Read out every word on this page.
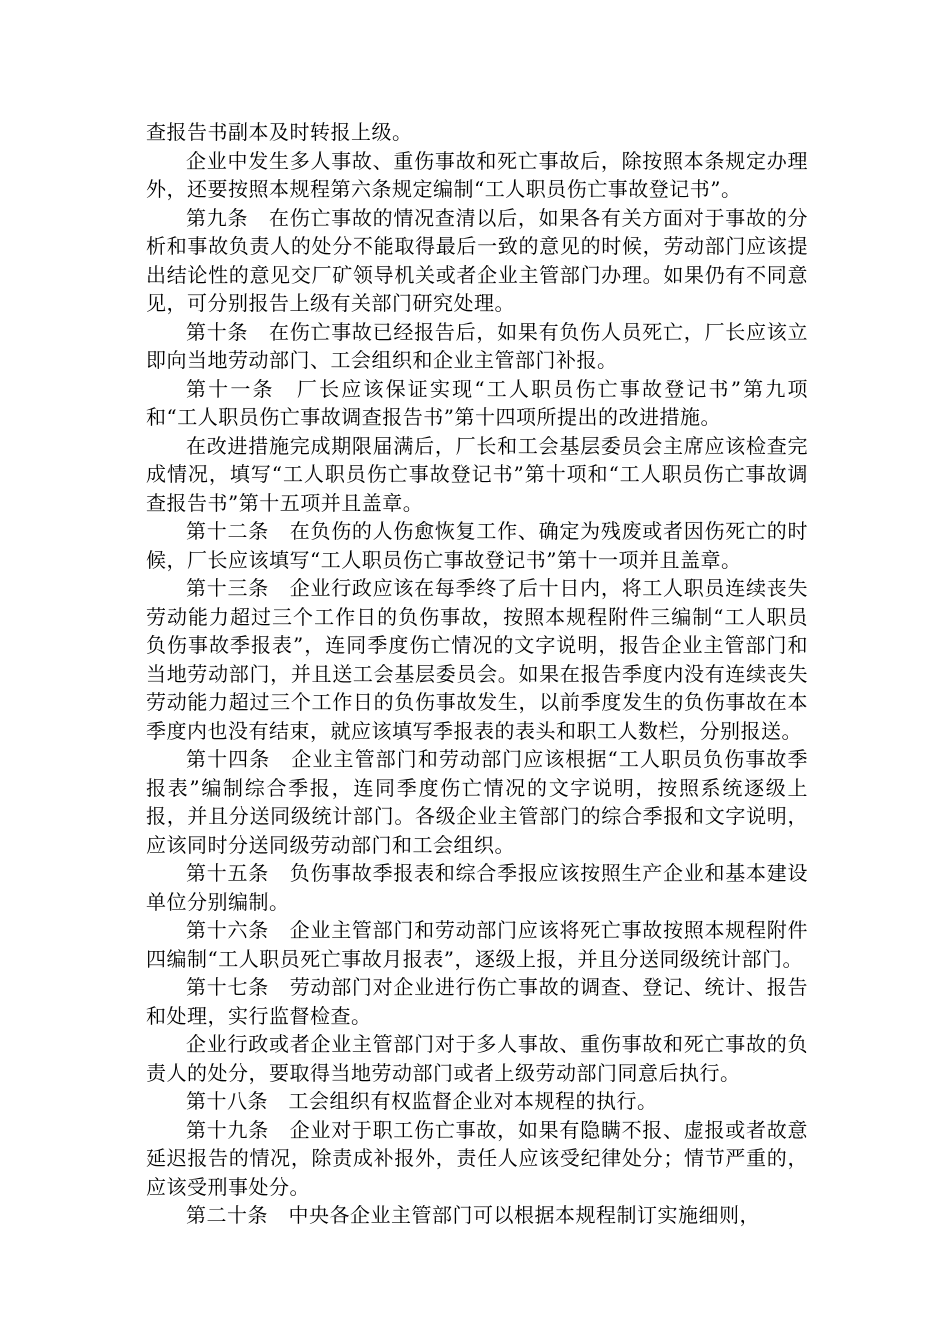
查报告书副本及时转报上级。

企业中发生多人事故、重伤事故和死亡事故后，除按照本条规定办理外，还要按照本规程第六条规定编制“工人职员伤亡事故登记书”。

第九条　在伤亡事故的情况查清以后，如果各有关方面对于事故的分析和事故负责人的处分不能取得最后一致的意见的时候，劳动部门应该提出结论性的意见交厂矿领导机关或者企业主管部门办理。如果仍有不同意见，可分别报告上级有关部门研究处理。

第十条　在伤亡事故已经报告后，如果有负伤人员死亡，厂长应该立即向当地劳动部门、工会组织和企业主管部门补报。

第十一条　厂长应该保证实现“工人职员伤亡事故登记书”第九项和“工人职员伤亡事故调查报告书”第十四项所提出的改进措施。

在改进措施完成期限届满后，厂长和工会基层委员会主席应该检查完成情况，填写“工人职员伤亡事故登记书”第十项和“工人职员伤亡事故调查报告书”第十五项并且盖章。

第十二条　在负伤的人伤愈恢复工作、确定为残废或者因伤死亡的时候，厂长应该填写“工人职员伤亡事故登记书”第十一项并且盖章。

第十三条　企业行政应该在每季终了后十日内，将工人职员连续丧失劳动能力超过三个工作日的负伤事故，按照本规程附件三编制“工人职员负伤事故季报表”，连同季度伤亡情况的文字说明，报告企业主管部门和当地劳动部门，并且送工会基层委员会。如果在报告季度内没有连续丧失劳动能力超过三个工作日的负伤事故发生，以前季度发生的负伤事故在本季度内也没有结束，就应该填写季报表的表头和职工人数栏，分别报送。

第十四条　企业主管部门和劳动部门应该根据“工人职员负伤事故季报表”编制综合季报，连同季度伤亡情况的文字说明，按照系统逐级上报，并且分送同级统计部门。各级企业主管部门的综合季报和文字说明，应该同时分送同级劳动部门和工会组织。

第十五条　负伤事故季报表和综合季报应该按照生产企业和基本建设单位分别编制。

第十六条　企业主管部门和劳动部门应该将死亡事故按照本规程附件四编制“工人职员死亡事故月报表”，逐级上报，并且分送同级统计部门。

第十七条　劳动部门对企业进行伤亡事故的调查、登记、统计、报告和处理，实行监督检查。

企业行政或者企业主管部门对于多人事故、重伤事故和死亡事故的负责人的处分，要取得当地劳动部门或者上级劳动部门同意后执行。

第十八条　工会组织有权监督企业对本规程的执行。

第十九条　企业对于职工伤亡事故，如果有隐瞒不报、虚报或者故意延迟报告的情况，除责成补报外，责任人应该受纪律处分；情节严重的，应该受刑事处分。

第二十条　中央各企业主管部门可以根据本规程制订实施细则，
